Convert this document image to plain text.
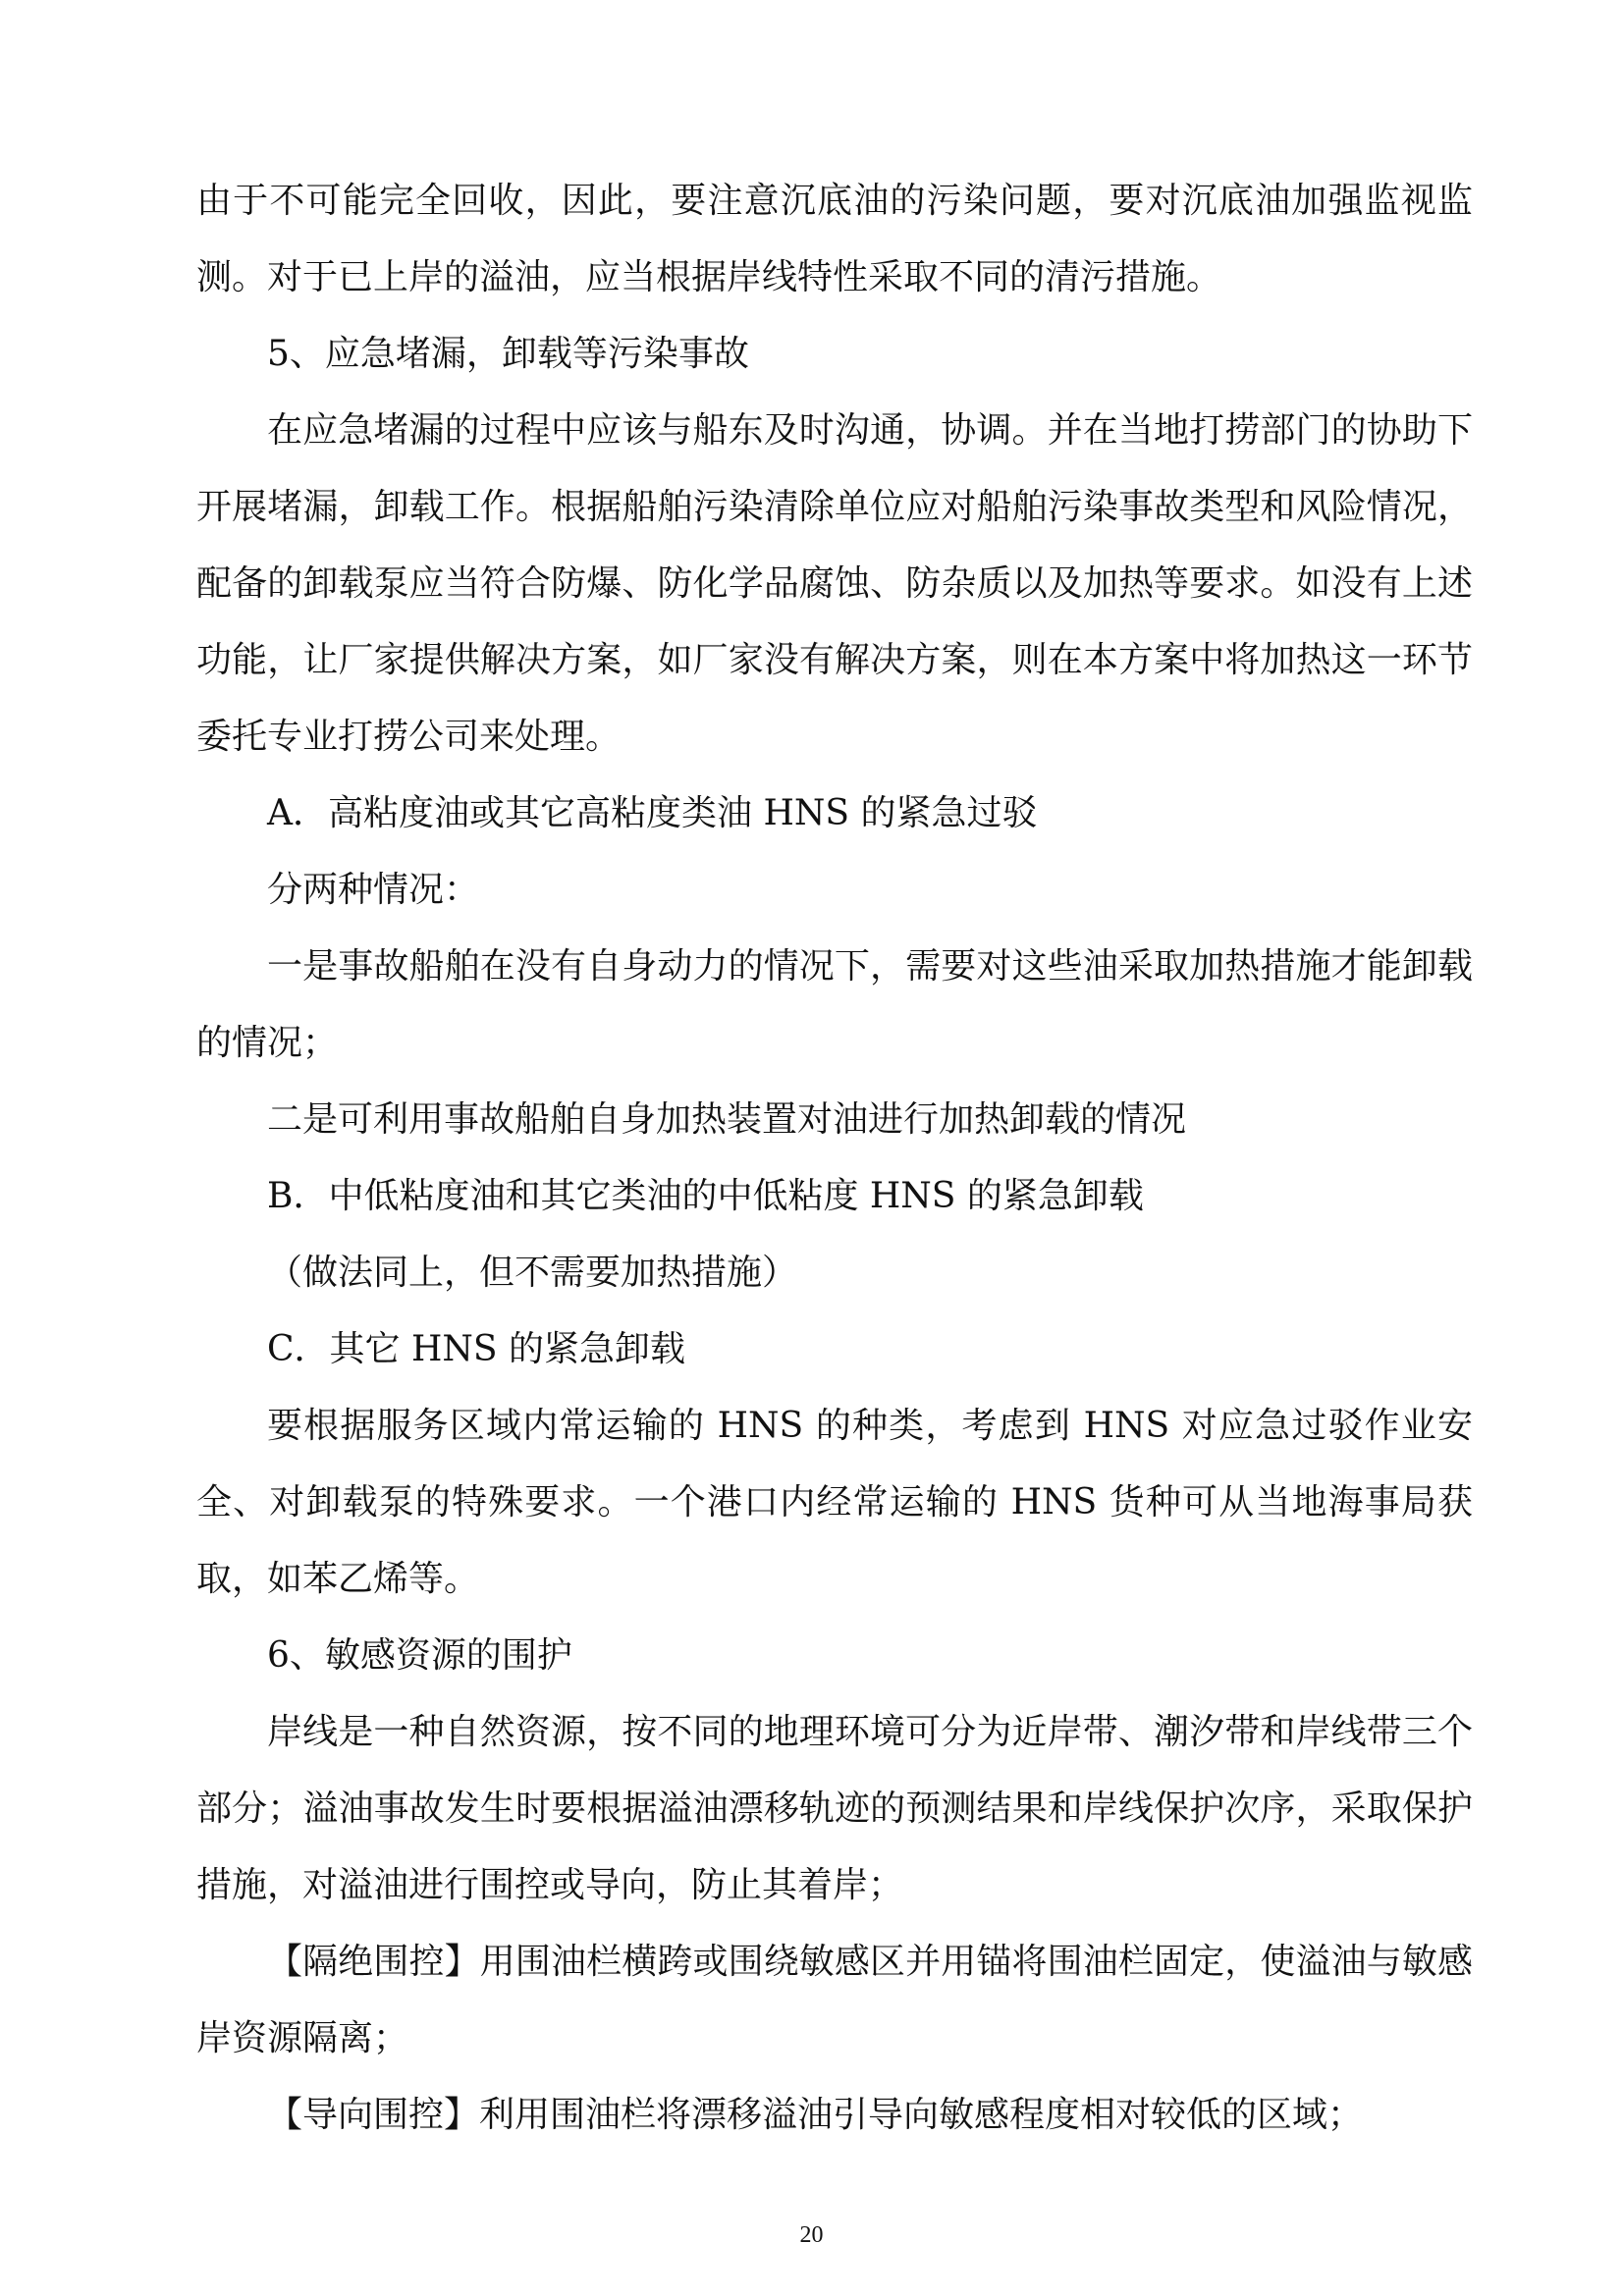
由于不可能完全回收，因此，要注意沉底油的污染问题，要对沉底油加强监视监测。对于已上岸的溢油，应当根据岸线特性采取不同的清污措施。

5、应急堵漏，卸载等污染事故

在应急堵漏的过程中应该与船东及时沟通，协调。并在当地打捞部门的协助下开展堵漏，卸载工作。根据船舶污染清除单位应对船舶污染事故类型和风险情况，配备的卸载泵应当符合防爆、防化学品腐蚀、防杂质以及加热等要求。如没有上述功能，让厂家提供解决方案，如厂家没有解决方案，则在本方案中将加热这一环节委托专业打捞公司来处理。

A．高粘度油或其它高粘度类油 HNS 的紧急过驳

分两种情况：

一是事故船舶在没有自身动力的情况下，需要对这些油采取加热措施才能卸载的情况；

二是可利用事故船舶自身加热装置对油进行加热卸载的情况

B．中低粘度油和其它类油的中低粘度 HNS 的紧急卸载

（做法同上，但不需要加热措施）

C．其它 HNS 的紧急卸载

要根据服务区域内常运输的 HNS 的种类，考虑到 HNS 对应急过驳作业安全、对卸载泵的特殊要求。一个港口内经常运输的 HNS 货种可从当地海事局获取，如苯乙烯等。

6、敏感资源的围护

岸线是一种自然资源，按不同的地理环境可分为近岸带、潮汐带和岸线带三个部分；溢油事故发生时要根据溢油漂移轨迹的预测结果和岸线保护次序，采取保护措施，对溢油进行围控或导向，防止其着岸；

【隔绝围控】用围油栏横跨或围绕敏感区并用锚将围油栏固定，使溢油与敏感岸资源隔离；

【导向围控】利用围油栏将漂移溢油引导向敏感程度相对较低的区域；

20
